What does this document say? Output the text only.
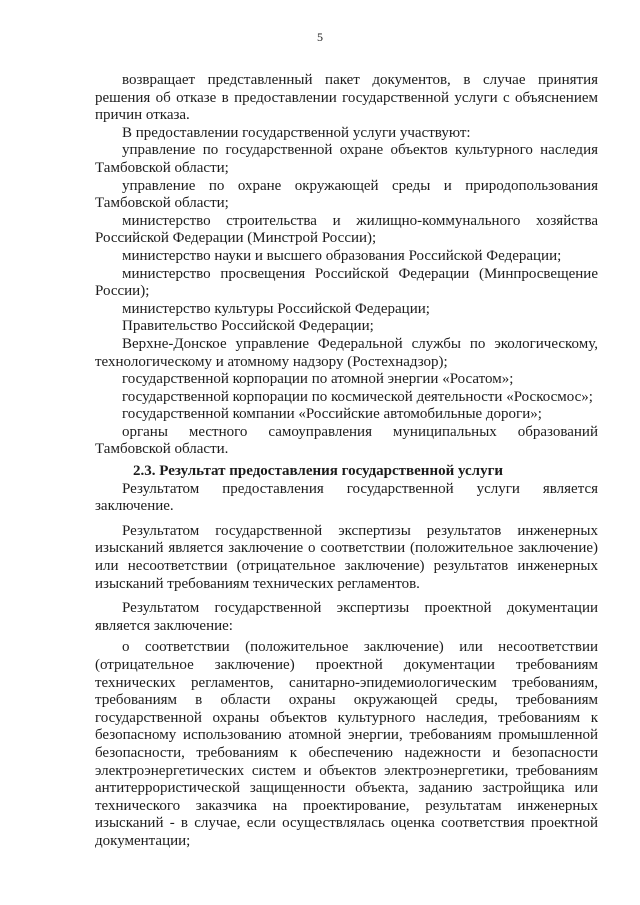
5

возвращает представленный пакет документов, в случае принятия решения об отказе в предоставлении государственной услуги с объяснением причин отказа.

В предоставлении государственной услуги участвуют:

управление по государственной охране объектов культурного наследия Тамбовской области;

управление по охране окружающей среды и природопользования Тамбовской области;

министерство строительства и жилищно-коммунального хозяйства Российской Федерации (Минстрой России);

министерство науки и высшего образования Российской Федерации;

министерство просвещения Российской Федерации (Минпросвещение России);

министерство культуры Российской Федерации;

Правительство Российской Федерации;

Верхне-Донское управление Федеральной службы по экологическому, технологическому и атомному надзору (Ростехнадзор);

государственной корпорации по атомной энергии «Росатом»;

государственной корпорации по космической деятельности «Роскосмос»;

государственной компании «Российские автомобильные дороги»;

органы местного самоуправления муниципальных образований Тамбовской области.

2.3. Результат предоставления государственной услуги

Результатом предоставления государственной услуги является заключение.

Результатом государственной экспертизы результатов инженерных изысканий является заключение о соответствии (положительное заключение) или несоответствии (отрицательное заключение) результатов инженерных изысканий требованиям технических регламентов.

Результатом государственной экспертизы проектной документации является заключение:

о соответствии (положительное заключение) или несоответствии (отрицательное заключение) проектной документации требованиям технических регламентов, санитарно-эпидемиологическим требованиям, требованиям в области охраны окружающей среды, требованиям государственной охраны объектов культурного наследия, требованиям к безопасному использованию атомной энергии, требованиям промышленной безопасности, требованиям к обеспечению надежности и безопасности электроэнергетических систем и объектов электроэнергетики, требованиям антитеррористической защищенности объекта, заданию застройщика или технического заказчика на проектирование, результатам инженерных изысканий - в случае, если осуществлялась оценка соответствия проектной документации;
